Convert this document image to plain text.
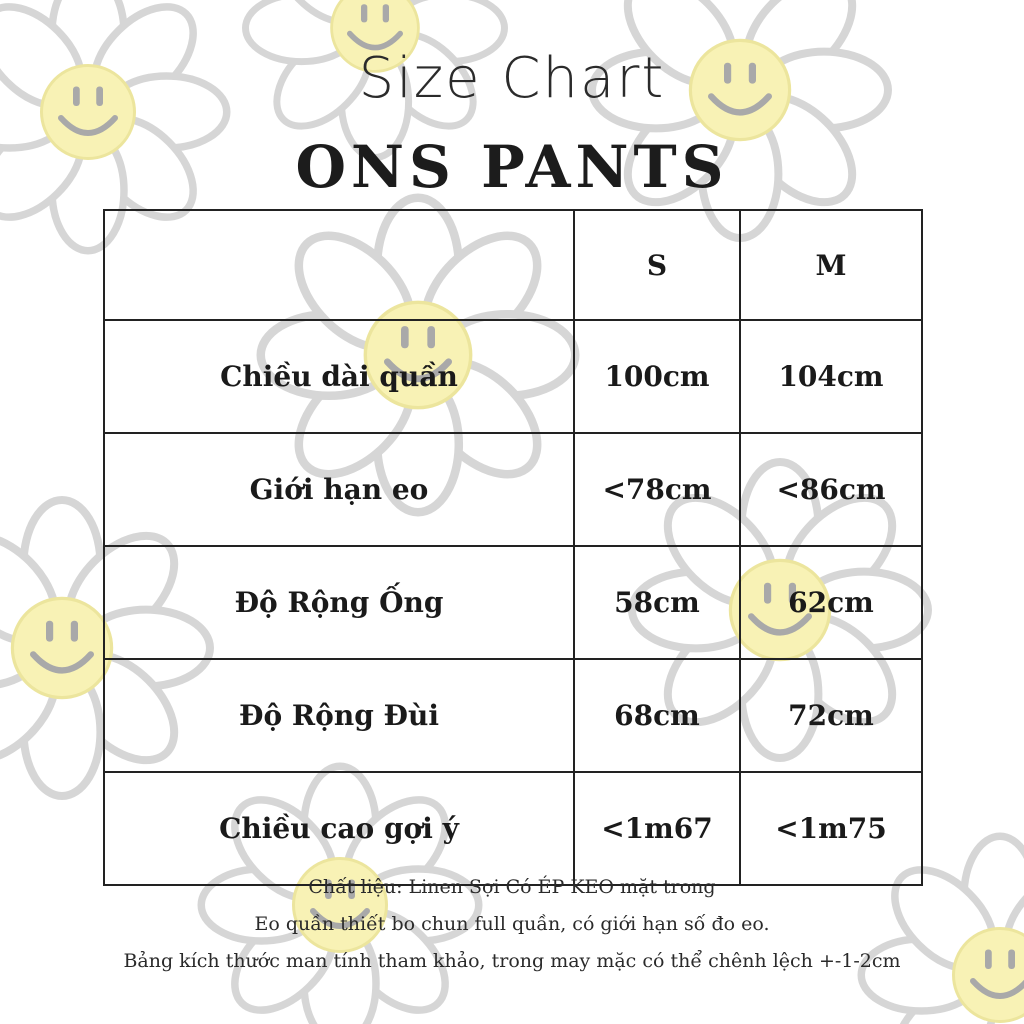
Size Chart
ONS PANTS
	S	M
Chiều dài quần	100cm	104cm
Giới hạn eo	<78cm	<86cm
Độ Rộng Ống	58cm	62cm
Độ Rộng Đùi	68cm	72cm
Chiều cao gợi ý	<1m67	<1m75
Chất liệu: Linen Sợi Có ÉP KEO mặt trong
Eo quần thiết bo chun full quần, có giới hạn số đo eo.
Bảng kích thước man tính tham khảo, trong may mặc có thể chênh lệch +-1-2cm
